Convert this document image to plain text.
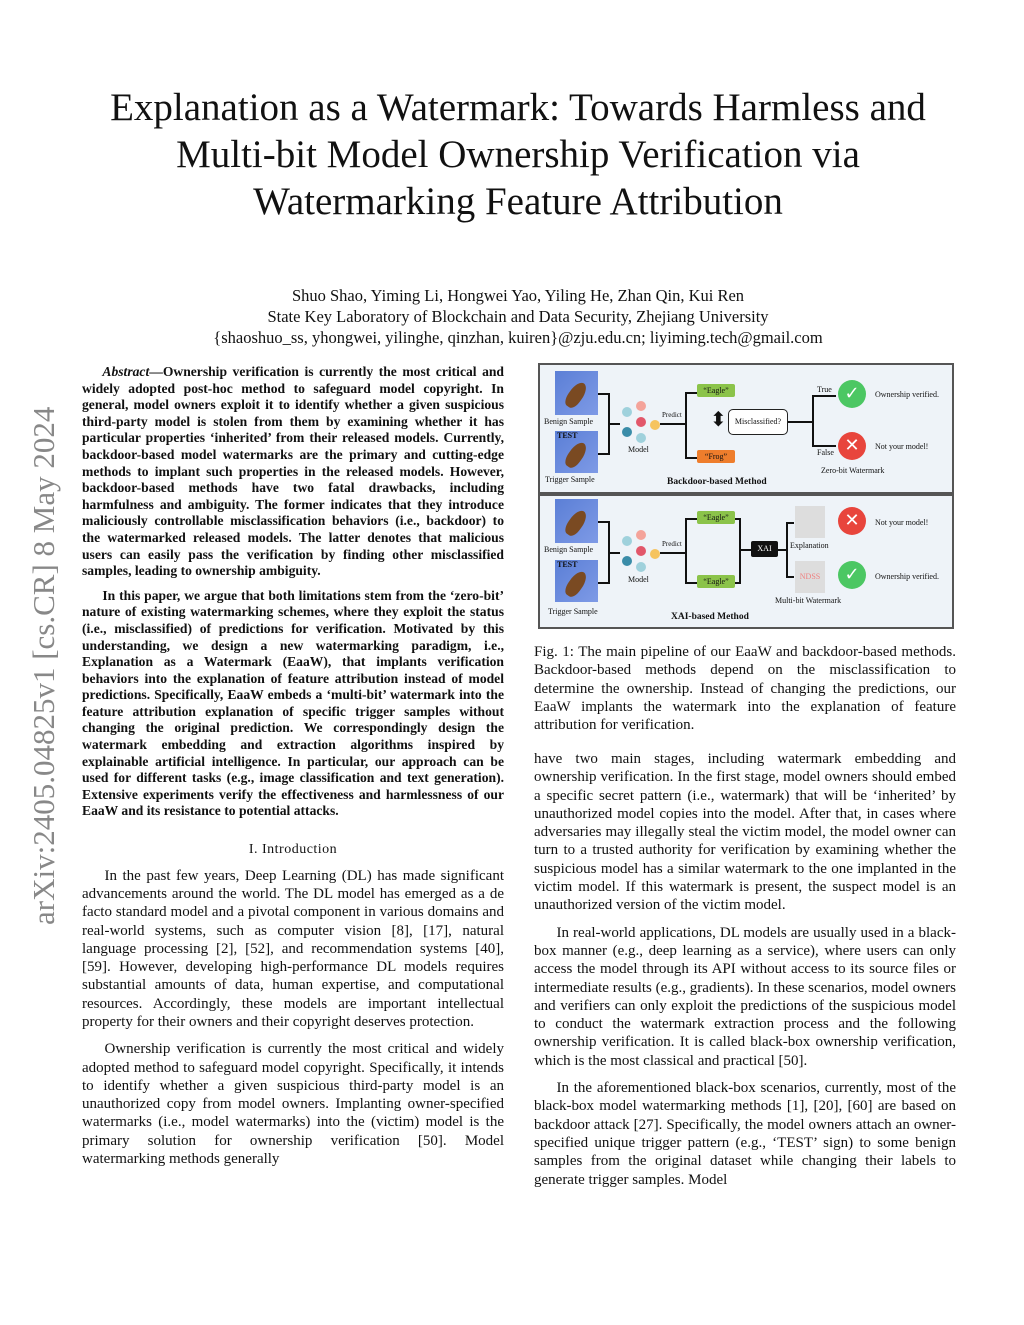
Explanation as a Watermark: Towards Harmless and Multi-bit Model Ownership Verification via Watermarking Feature Attribution
Shuo Shao, Yiming Li, Hongwei Yao, Yiling He, Zhan Qin, Kui Ren
State Key Laboratory of Blockchain and Data Security, Zhejiang University
{shaoshuo_ss, yhongwei, yilinghe, qinzhan, kuiren}@zju.edu.cn; liyiming.tech@gmail.com
arXiv:2405.04825v1 [cs.CR] 8 May 2024

Abstract—Ownership verification is currently the most critical and widely adopted post-hoc method to safeguard model copyright. In general, model owners exploit it to identify whether a given suspicious third-party model is stolen from them by examining whether it has particular properties ‘inherited’ from their released models. Currently, backdoor-based model watermarks are the primary and cutting-edge methods to implant such properties in the released models. However, backdoor-based methods have two fatal drawbacks, including harmfulness and ambiguity. The former indicates that they introduce maliciously controllable misclassification behaviors (i.e., backdoor) to the watermarked released models. The latter denotes that malicious users can easily pass the verification by finding other misclassified samples, leading to ownership ambiguity.

In this paper, we argue that both limitations stem from the ‘zero-bit’ nature of existing watermarking schemes, where they exploit the status (i.e., misclassified) of predictions for verification. Motivated by this understanding, we design a new watermarking paradigm, i.e., Explanation as a Watermark (EaaW), that implants verification behaviors into the explanation of feature attribution instead of model predictions. Specifically, EaaW embeds a ‘multi-bit’ watermark into the feature attribution explanation of specific trigger samples without changing the original prediction. We correspondingly design the watermark embedding and extraction algorithms inspired by explainable artificial intelligence. In particular, our approach can be used for different tasks (e.g., image classification and text generation). Extensive experiments verify the effectiveness and harmlessness of our EaaW and its resistance to potential attacks.

I. Introduction

In the past few years, Deep Learning (DL) has made significant advancements around the world. The DL model has emerged as a de facto standard model and a pivotal component in various domains and real-world systems, such as computer vision [8], [17], natural language processing [2], [52], and recommendation systems [40], [59]. However, developing high-performance DL models requires substantial amounts of data, human expertise, and computational resources. Accordingly, these models are important intellectual property for their owners and their copyright deserves protection.

Ownership verification is currently the most critical and widely adopted method to safeguard model copyright. Specifically, it intends to identify whether a given suspicious third-party model is an unauthorized copy from model owners. Implanting owner-specified watermarks (i.e., model watermarks) into the (victim) model is the primary solution for ownership verification [50]. Model watermarking methods generally

Benign Sample
TEST
Trigger Sample
Model
Predict
“Eagle”
“Frog”
⬍	Misclassified?
True
False
✓
✕
Ownership verified.
Not your model!
Zero-bit Watermark
Backdoor-based Method
Benign Sample
TEST
Trigger Sample
Model
Predict
“Eagle”
“Eagle”
XAI	Explanation
NDSS
Multi-bit Watermark
✕
✓
Not your model!
Ownership verified.
XAI-based Method
Fig. 1: The main pipeline of our EaaW and backdoor-based methods. Backdoor-based methods depend on the misclassification to determine the ownership. Instead of changing the predictions, our EaaW implants the watermark into the explanation of feature attribution for verification.

have two main stages, including watermark embedding and ownership verification. In the first stage, model owners should embed a specific secret pattern (i.e., watermark) that will be ‘inherited’ by unauthorized model copies into the model. After that, in cases where adversaries may illegally steal the victim model, the model owner can turn to a trusted authority for verification by examining whether the suspicious model has a similar watermark to the one implanted in the victim model. If this watermark is present, the suspect model is an unauthorized version of the victim model.

In real-world applications, DL models are usually used in a black-box manner (e.g., deep learning as a service), where users can only access the model through its API without access to its source files or intermediate results (e.g., gradients). In these scenarios, model owners and verifiers can only exploit the predictions of the suspicious model to conduct the watermark extraction process and the following ownership verification. It is called black-box ownership verification, which is the most classical and practical [50].

In the aforementioned black-box scenarios, currently, most of the black-box model watermarking methods [1], [20], [60] are based on backdoor attack [27]. Specifically, the model owners attach an owner-specified unique trigger pattern (e.g., ‘TEST’ sign) to some benign samples from the original dataset while changing their labels to generate trigger samples. Model
